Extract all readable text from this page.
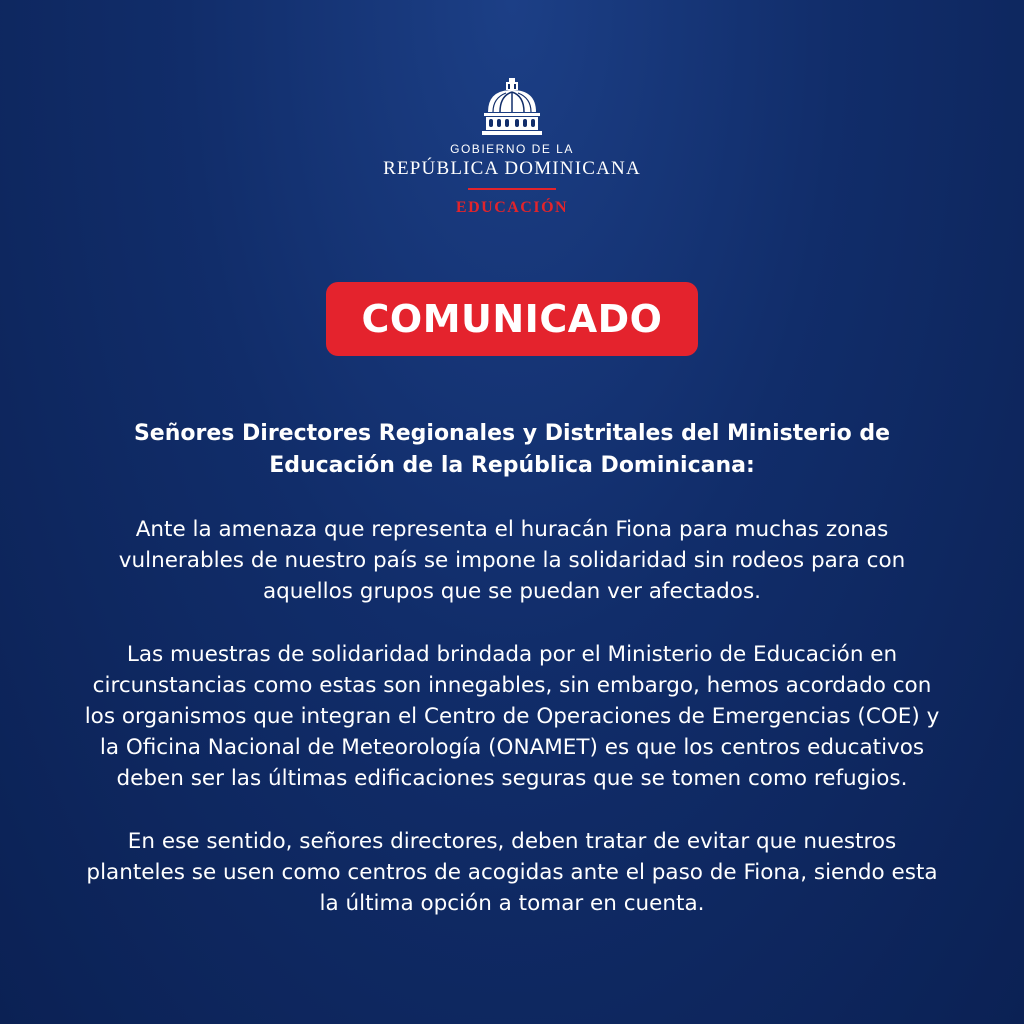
GOBIERNO DE LA
REPÚBLICA DOMINICANA
EDUCACIÓN
COMUNICADO

Señores Directores Regionales y Distritales del Ministerio de Educación de la República Dominicana:

Ante la amenaza que representa el huracán Fiona para muchas zonas vulnerables de nuestro país se impone la solidaridad sin rodeos para con aquellos grupos que se puedan ver afectados.

Las muestras de solidaridad brindada por el Ministerio de Educación en circunstancias como estas son innegables, sin embargo, hemos acordado con los organismos que integran el Centro de Operaciones de Emergencias (COE) y la Oficina Nacional de Meteorología (ONAMET) es que los centros educativos deben ser las últimas edificaciones seguras que se tomen como refugios.

En ese sentido, señores directores, deben tratar de evitar que nuestros planteles se usen como centros de acogidas ante el paso de Fiona, siendo esta la última opción a tomar en cuenta.
